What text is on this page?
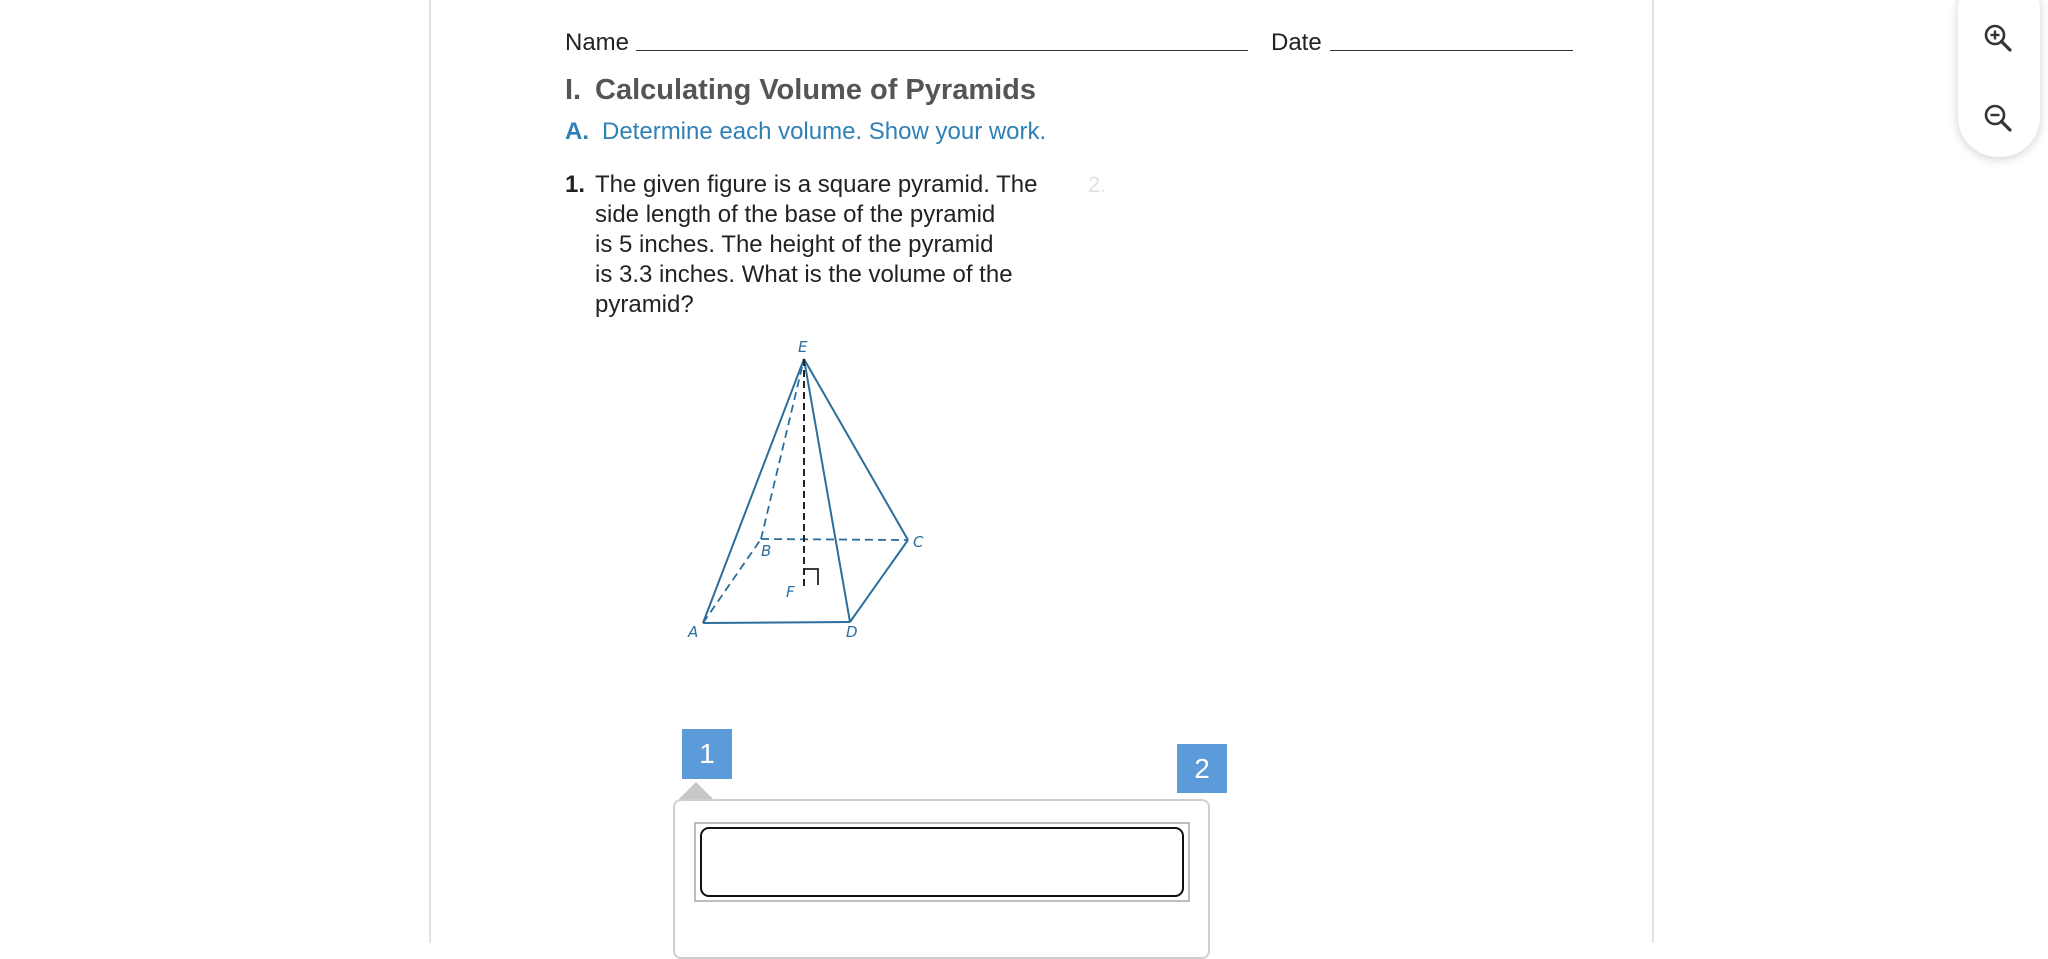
Name	Date
I. Calculating Volume of Pyramids
A. Determine each volume. Show your work.
1. The given figure is a square pyramid. The
side length of the base of the pyramid
is 5 inches. The height of the pyramid
is 3.3 inches. What is the volume of the
pyramid?
2.
E
B	C
F
A	D
1	2
